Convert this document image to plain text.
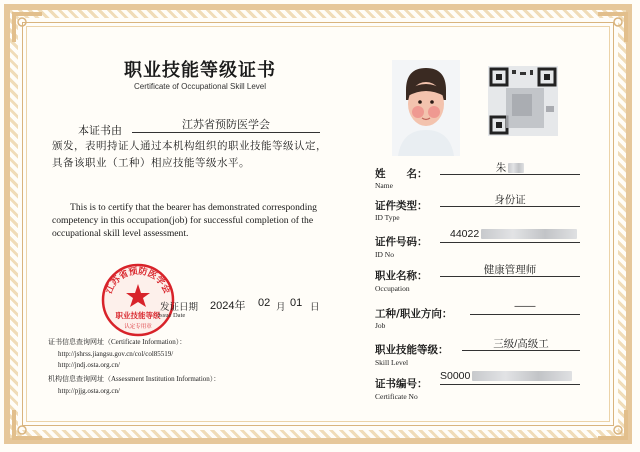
职业技能等级证书
Certificate of Occupational Skill Level
本证书由	江苏省预防医学会
颁发，表明持证人通过本机构组织的职业技能等级认定，具备该职业（工种）相应技能等级水平。
This is to certify that the bearer has demonstrated corresponding competency in this occupation(job) for successful completion of the occupational skill level assessment.
江苏省预防医学会
职业技能等级
认定专用章
发证日期 2024年 02 月 01 日
Issue Date
证书信息查询网址（Certificate Information）：
http://jshrss.jiangsu.gov.cn/col/col85519/
http://jndj.osta.org.cn/
机构信息查询网址（Assessment Institution Information）：
http://pjjg.osta.org.cn/
姓　　名：
Name
朱
证件类型：
ID Type
身份证
证件号码：
ID No
44022
职业名称：
Occupation
健康管理师
工种/职业方向：
Job
——
职业技能等级：
Skill Level
三级/高级工
证书编号：
Certificate No
S0000
